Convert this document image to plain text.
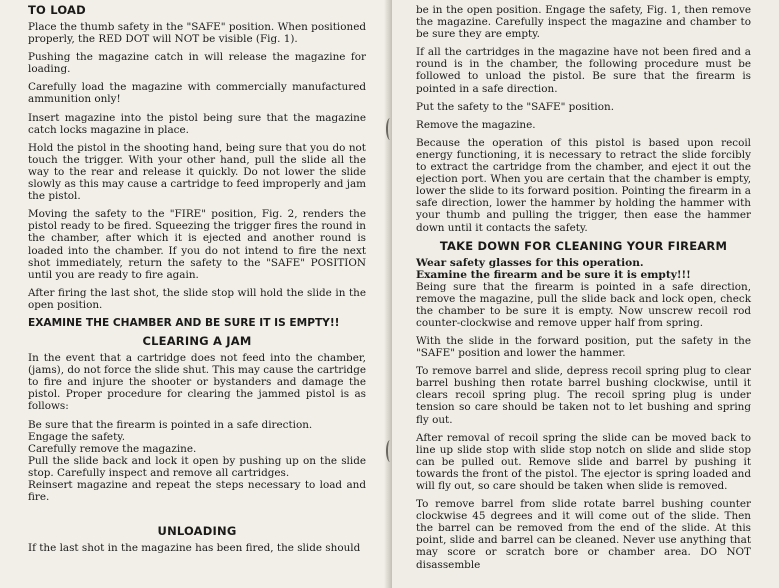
TO LOAD

Place the thumb safety in the "SAFE" position. When positioned properly, the RED DOT will NOT be visible (Fig. 1).

Pushing the magazine catch in will release the magazine for loading.

Carefully load the magazine with commercially manufactured ammunition only!

Insert magazine into the pistol being sure that the magazine catch locks magazine in place.

Hold the pistol in the shooting hand, being sure that you do not touch the trigger. With your other hand, pull the slide all the way to the rear and release it quickly. Do not lower the slide slowly as this may cause a cartridge to feed improperly and jam the pistol.

Moving the safety to the "FIRE" position, Fig. 2, renders the pistol ready to be fired. Squeezing the trigger fires the round in the chamber, after which it is ejected and another round is loaded into the chamber. If you do not intend to fire the next shot immediately, return the safety to the "SAFE" POSITION until you are ready to fire again.

After firing the last shot, the slide stop will hold the slide in the open position.

EXAMINE THE CHAMBER AND BE SURE IT IS EMPTY!!

CLEARING A JAM

In the event that a cartridge does not feed into the chamber, (jams), do not force the slide shut. This may cause the cartridge to fire and injure the shooter or bystanders and damage the pistol. Proper procedure for clearing the jammed pistol is as follows:

Be sure that the firearm is pointed in a safe direction.

Engage the safety.

Carefully remove the magazine.

Pull the slide back and lock it open by pushing up on the slide stop. Carefully inspect and remove all cartridges.

Reinsert magazine and repeat the steps necessary to load and fire.

UNLOADING

If the last shot in the magazine has been fired, the slide should

be in the open position. Engage the safety, Fig. 1, then remove the magazine. Carefully inspect the magazine and chamber to be sure they are empty.

If all the cartridges in the magazine have not been fired and a round is in the chamber, the following procedure must be followed to unload the pistol. Be sure that the firearm is pointed in a safe direction.

Put the safety to the "SAFE" position.

Remove the magazine.

Because the operation of this pistol is based upon recoil energy functioning, it is necessary to retract the slide forcibly to extract the cartridge from the chamber, and eject it out the ejection port. When you are certain that the chamber is empty, lower the slide to its forward position. Pointing the firearm in a safe direction, lower the hammer by holding the hammer with your thumb and pulling the trigger, then ease the hammer down until it contacts the safety.

TAKE DOWN FOR CLEANING YOUR FIREARM

Wear safety glasses for this operation.

Examine the firearm and be sure it is empty!!!

Being sure that the firearm is pointed in a safe direction, remove the magazine, pull the slide back and lock open, check the chamber to be sure it is empty. Now unscrew recoil rod counter-clockwise and remove upper half from spring.

With the slide in the forward position, put the safety in the "SAFE" position and lower the hammer.

To remove barrel and slide, depress recoil spring plug to clear barrel bushing then rotate barrel bushing clockwise, until it clears recoil spring plug. The recoil spring plug is under tension so care should be taken not to let bushing and spring fly out.

After removal of recoil spring the slide can be moved back to line up slide stop with slide stop notch on slide and slide stop can be pulled out. Remove slide and barrel by pushing it towards the front of the pistol. The ejector is spring loaded and will fly out, so care should be taken when slide is removed.

To remove barrel from slide rotate barrel bushing counter clockwise 45 degrees and it will come out of the slide. Then the barrel can be removed from the end of the slide. At this point, slide and barrel can be cleaned. Never use anything that may score or scratch bore or chamber area. DO NOT disassemble
